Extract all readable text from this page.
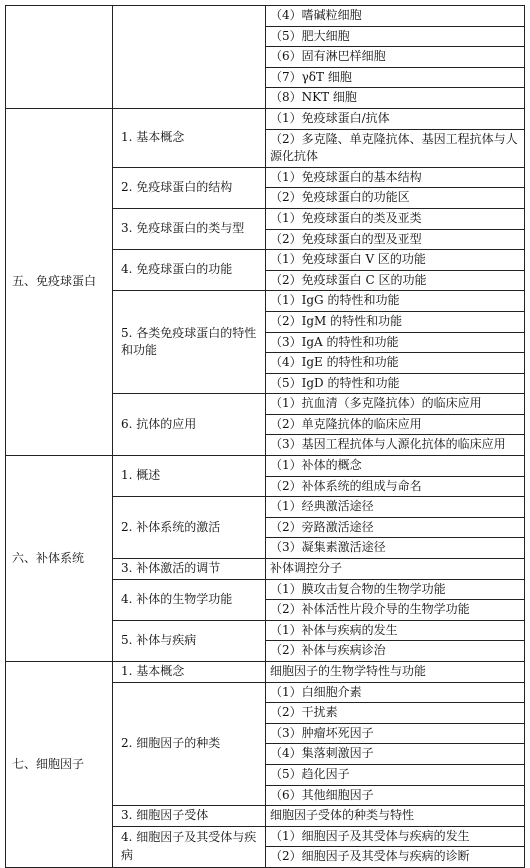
		（4）嗜碱粒细胞
		（5）肥大细胞
		（6）固有淋巴样细胞
		（7）γδT 细胞
		（8）NKT 细胞
五、免疫球蛋白	1. 基本概念	（1）免疫球蛋白/抗体
		（2）多克隆、单克隆抗体、基因工程抗体与人源化抗体
	2. 免疫球蛋白的结构	（1）免疫球蛋白的基本结构
		（2）免疫球蛋白的功能区
	3. 免疫球蛋白的类与型	（1）免疫球蛋白的类及亚类
		（2）免疫球蛋白的型及亚型
	4. 免疫球蛋白的功能	（1）免疫球蛋白 V 区的功能
		（2）免疫球蛋白 C 区的功能
	5. 各类免疫球蛋白的特性和功能	（1）IgG 的特性和功能
		（2）IgM 的特性和功能
		（3）IgA 的特性和功能
		（4）IgE 的特性和功能
		（5）IgD 的特性和功能
	6. 抗体的应用	（1）抗血清（多克隆抗体）的临床应用
		（2）单克隆抗体的临床应用
		（3）基因工程抗体与人源化抗体的临床应用
六、补体系统	1. 概述	（1）补体的概念
		（2）补体系统的组成与命名
	2. 补体系统的激活	（1）经典激活途径
		（2）旁路激活途径
		（3）凝集素激活途径
	3. 补体激活的调节	补体调控分子
	4. 补体的生物学功能	（1）膜攻击复合物的生物学功能
		（2）补体活性片段介导的生物学功能
	5. 补体与疾病	（1）补体与疾病的发生
		（2）补体与疾病诊治
七、细胞因子	1. 基本概念	细胞因子的生物学特性与功能
	2. 细胞因子的种类	（1）白细胞介素
		（2）干扰素
		（3）肿瘤坏死因子
		（4）集落刺激因子
		（5）趋化因子
		（6）其他细胞因子
	3. 细胞因子受体	细胞因子受体的种类与特性
	4. 细胞因子及其受体与疾病	（1）细胞因子及其受体与疾病的发生
		（2）细胞因子及其受体与疾病的诊断
